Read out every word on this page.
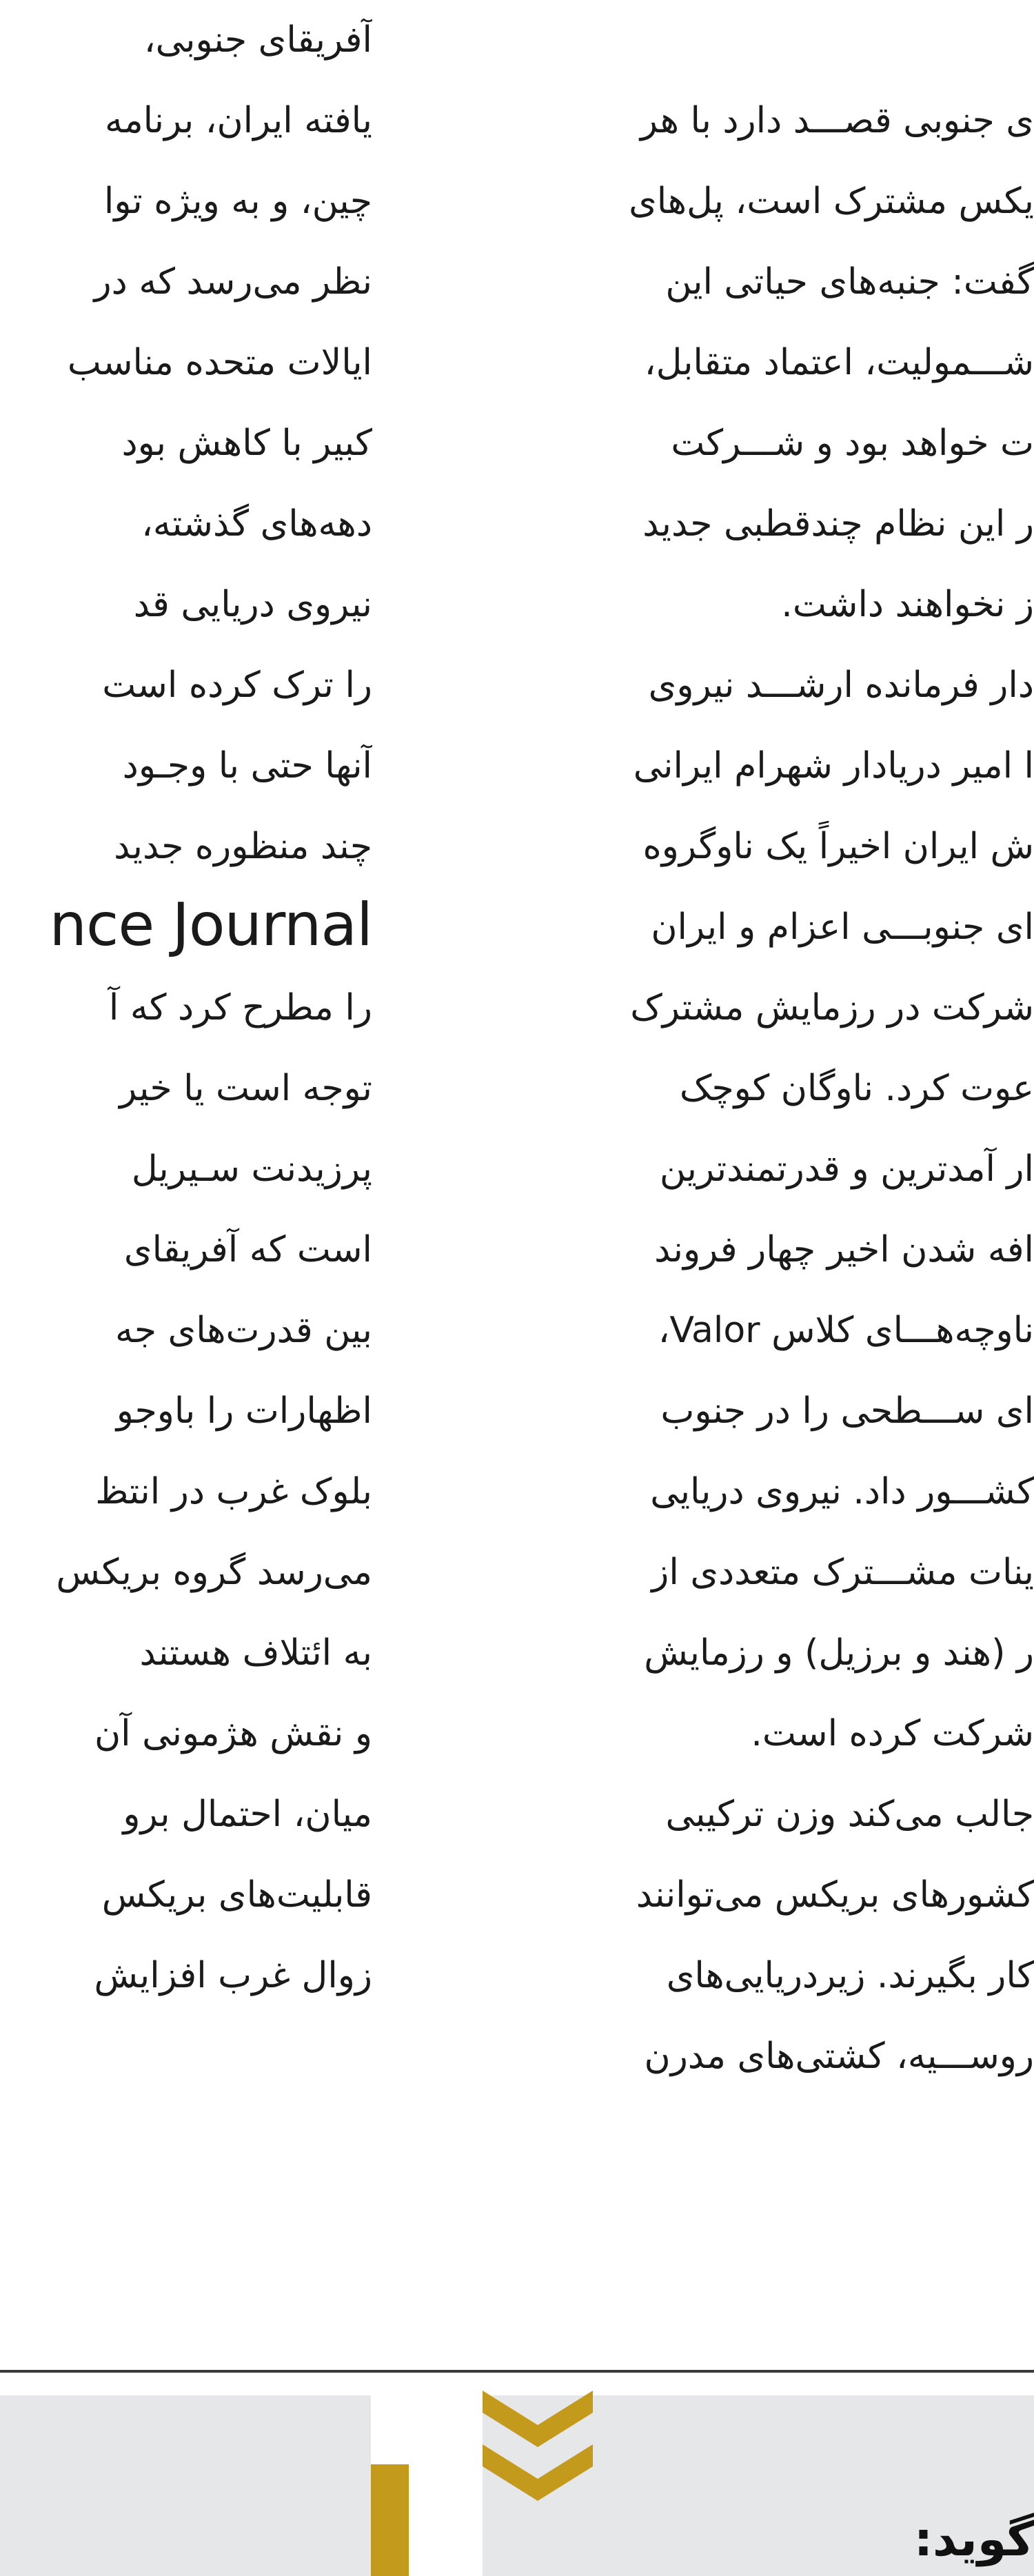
آفریقای جنوبی،
یافته ایران، برنامه
چین، و به ویژه توا
نظر می‌رسد که در
ایالات متحده مناسب
کبیر با کاهش بود
دهه‌های گذشته،
نیروی دریایی قد
را ترک کرده است
آنها حتی با وجـود
چند منظوره جدید
nce Journal
را مطرح کرد که آ
توجه است یا خیر
پرزیدنت سـیریل
است که آفریقای
بین قدرت‌های جه
اظهارات را باوجو
بلوک غرب در انتظ
می‌رسد گروه بریکس
به ائتلاف هستند
و نقش هژمونی آن
میان، احتمال برو
قابلیت‌های بریکس
زوال غرب افزایش
ی جنوبی قصـــد دارد با هر
یکس مشترک است، پل‌های
گفت: جنبه‌های حیاتی این
شـــمولیت، اعتماد متقابل،
ت خواهد بود و شـــرکت
ر این نظام چندقطبی جدید
ز نخواهند داشت.
دار فرمانده ارشـــد نیروی
ا امیر دریادار شهرام ایرانی
ش ایران اخیراً یک ناوگروه
ای جنوبـــی اعزام و ایران
شرکت در رزمایش مشترک
عوت کرد. ناوگان کوچک
ار آمدترین و قدرتمندترین
افه شدن اخیر چهار فروند
ناوچه‌هـــای کلاس Valor،
ای ســـطحی را در جنوب
کشـــور داد. نیروی دریایی
ینات مشـــترک متعددی از
ر (هند و برزیل) و رزمایش
شرکت کرده است.
جالب می‌کند وزن ترکیبی
کشورهای بریکس می‌توانند
کار بگیرند. زیردریایی‌های
روســـیه، کشتی‌های مدرن
گوید:
